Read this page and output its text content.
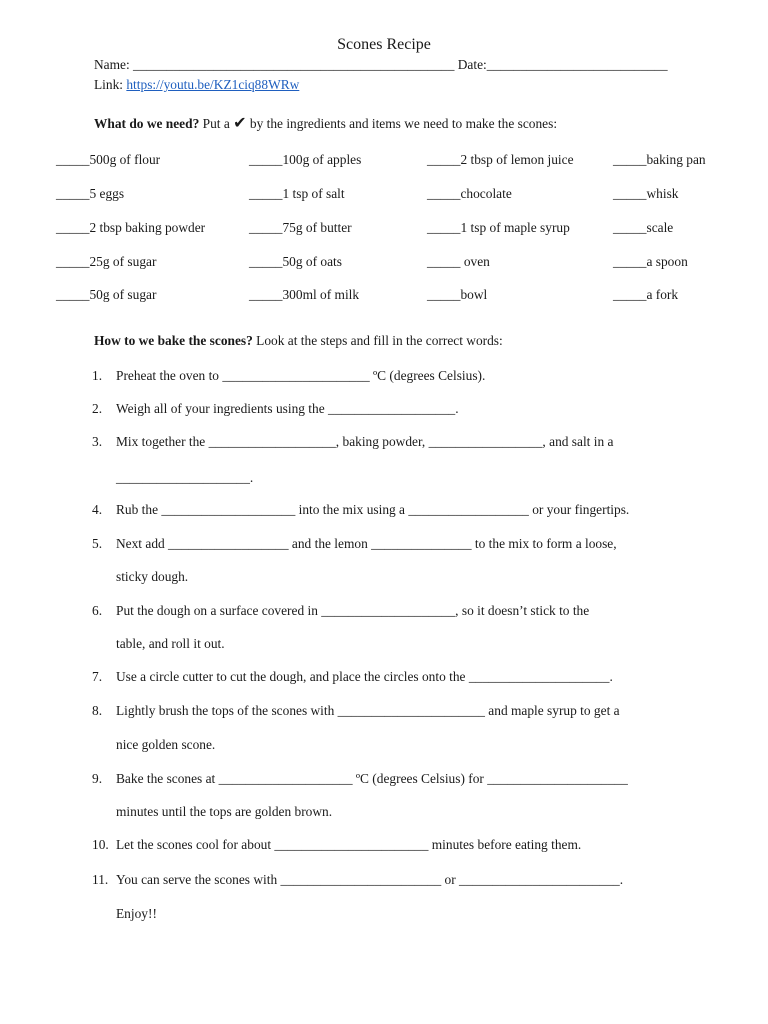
Scones Recipe
Name: ________________________________________________ Date:___________________________
Link: https://youtu.be/KZ1ciq88WRw
What do we need? Put a ✔ by the ingredients and items we need to make the scones:
_____500g of flour	_____100g of apples	_____2 tbsp of lemon juice	_____baking pan
_____5 eggs	_____1 tsp of salt	_____chocolate	_____whisk
_____2 tbsp baking powder	_____75g of butter	_____1 tsp of maple syrup	_____scale
_____25g of sugar	_____50g of oats	_____ oven	_____a spoon
_____50g of sugar	_____300ml of milk	_____bowl	_____a fork
How to we bake the scones? Look at the steps and fill in the correct words:
1. Preheat the oven to ______________________ ºC (degrees Celsius).
2. Weigh all of your ingredients using the ___________________.
3. Mix together the ___________________, baking powder, _________________, and salt in a
____________________.
4. Rub the ____________________ into the mix using a __________________ or your fingertips.
5. Next add __________________ and the lemon _______________ to the mix to form a loose,
sticky dough.
6. Put the dough on a surface covered in ____________________, so it doesn’t stick to the
table, and roll it out.
7. Use a circle cutter to cut the dough, and place the circles onto the _____________________.
8. Lightly brush the tops of the scones with ______________________ and maple syrup to get a
nice golden scone.
9. Bake the scones at ____________________ ºC (degrees Celsius) for _____________________
minutes until the tops are golden brown.
10. Let the scones cool for about _______________________ minutes before eating them.
11. You can serve the scones with ________________________ or ________________________.
Enjoy!!
